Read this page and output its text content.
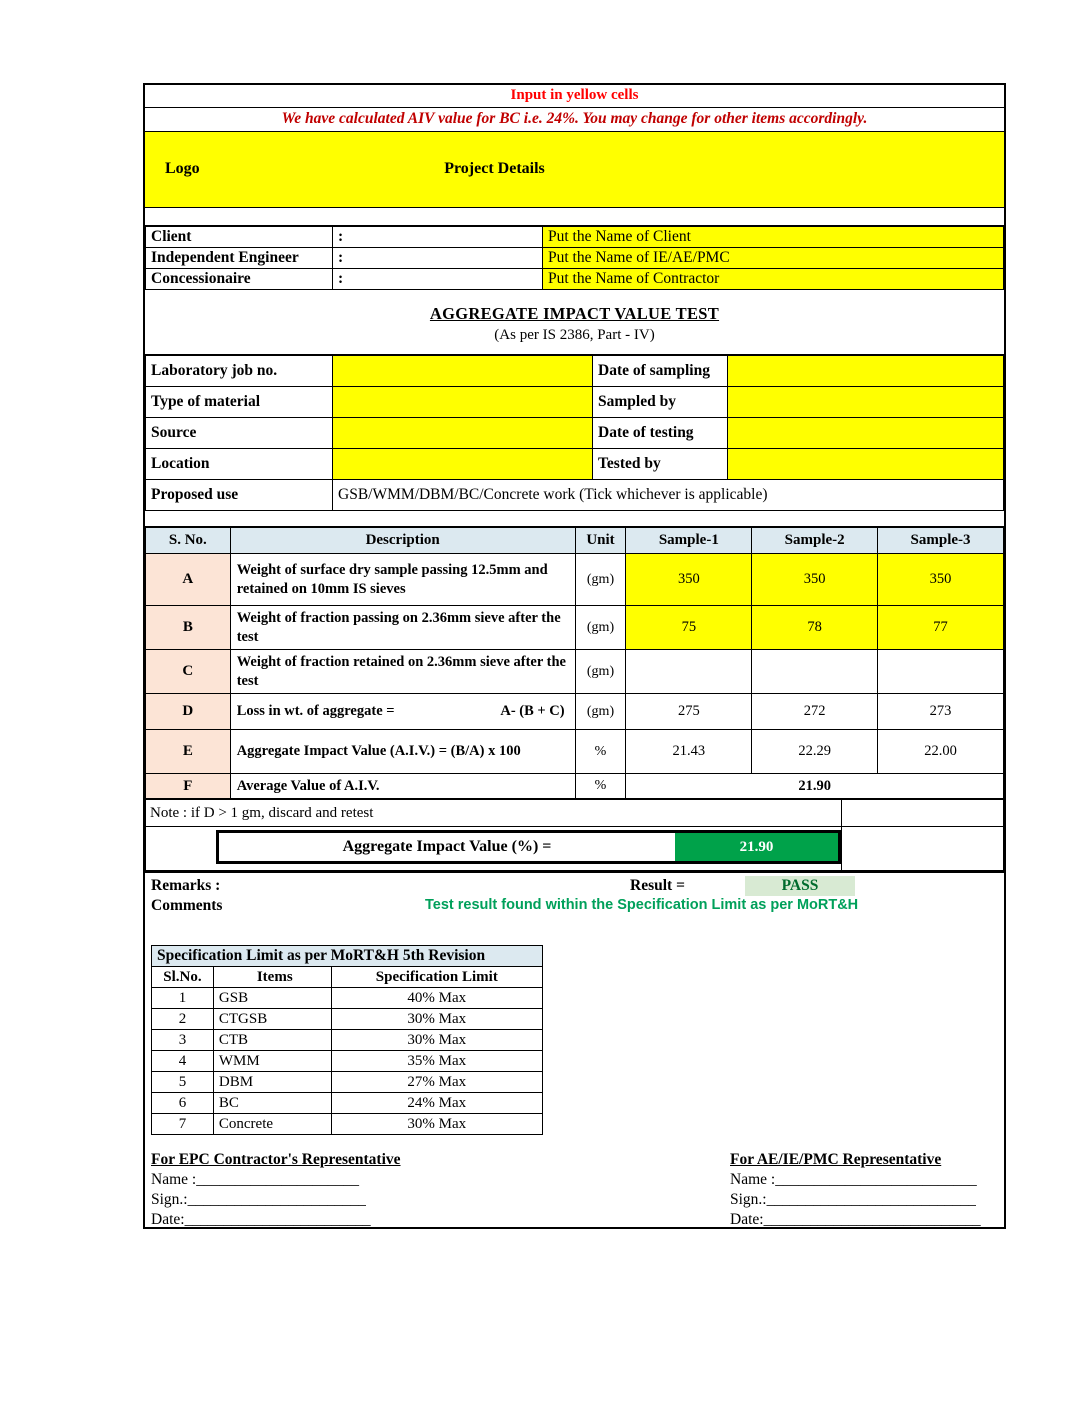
Input in yellow cells
We have calculated AIV value for BC i.e. 24%. You may change for other items accordingly.
Logo	Project Details
Client	:	Put the Name of Client
Independent Engineer	:	Put the Name of IE/AE/PMC
Concessionaire	:	Put the Name of Contractor
AGGREGATE IMPACT VALUE TEST
(As per IS 2386, Part - IV)
Laboratory job no.		Date of sampling	
Type of material		Sampled by	
Source		Date of testing	
Location		Tested by	
Proposed use	GSB/WMM/DBM/BC/Concrete work (Tick whichever is applicable)		
S. No.	Description	Unit	Sample-1	Sample-2	Sample-3
A	Weight of surface dry sample passing 12.5mm and retained on 10mm IS sieves	(gm)	350	350	350
B	Weight of fraction passing on 2.36mm sieve after the test	(gm)	75	78	77
C	Weight of fraction retained on 2.36mm sieve after the test	(gm)			
D	Loss in wt. of aggregate = A- (B + C)	(gm)	275	272	273
E	Aggregate Impact Value (A.I.V.) = (B/A) x 100	%	21.43	22.29	22.00
F	Average Value of A.I.V.	%	21.90		
Note : if D > 1 gm, discard and retest	

Aggregate Impact Value (%) = 21.90	

Remarks :
Comments
Result =	PASS
Test result found within the Specification Limit as per MoRT&H
Specification Limit as per MoRT&H 5th Revision		
Sl.No.	Items	Specification Limit
1	GSB	40% Max
2	CTGSB	30% Max
3	CTB	30% Max
4	WMM	35% Max
5	DBM	27% Max
6	BC	24% Max
7	Concrete	30% Max
For EPC Contractor's Representative
Name :_____________________
Sign.:_______________________
Date:________________________
For AE/IE/PMC Representative
Name :__________________________
Sign.:___________________________
Date:____________________________
